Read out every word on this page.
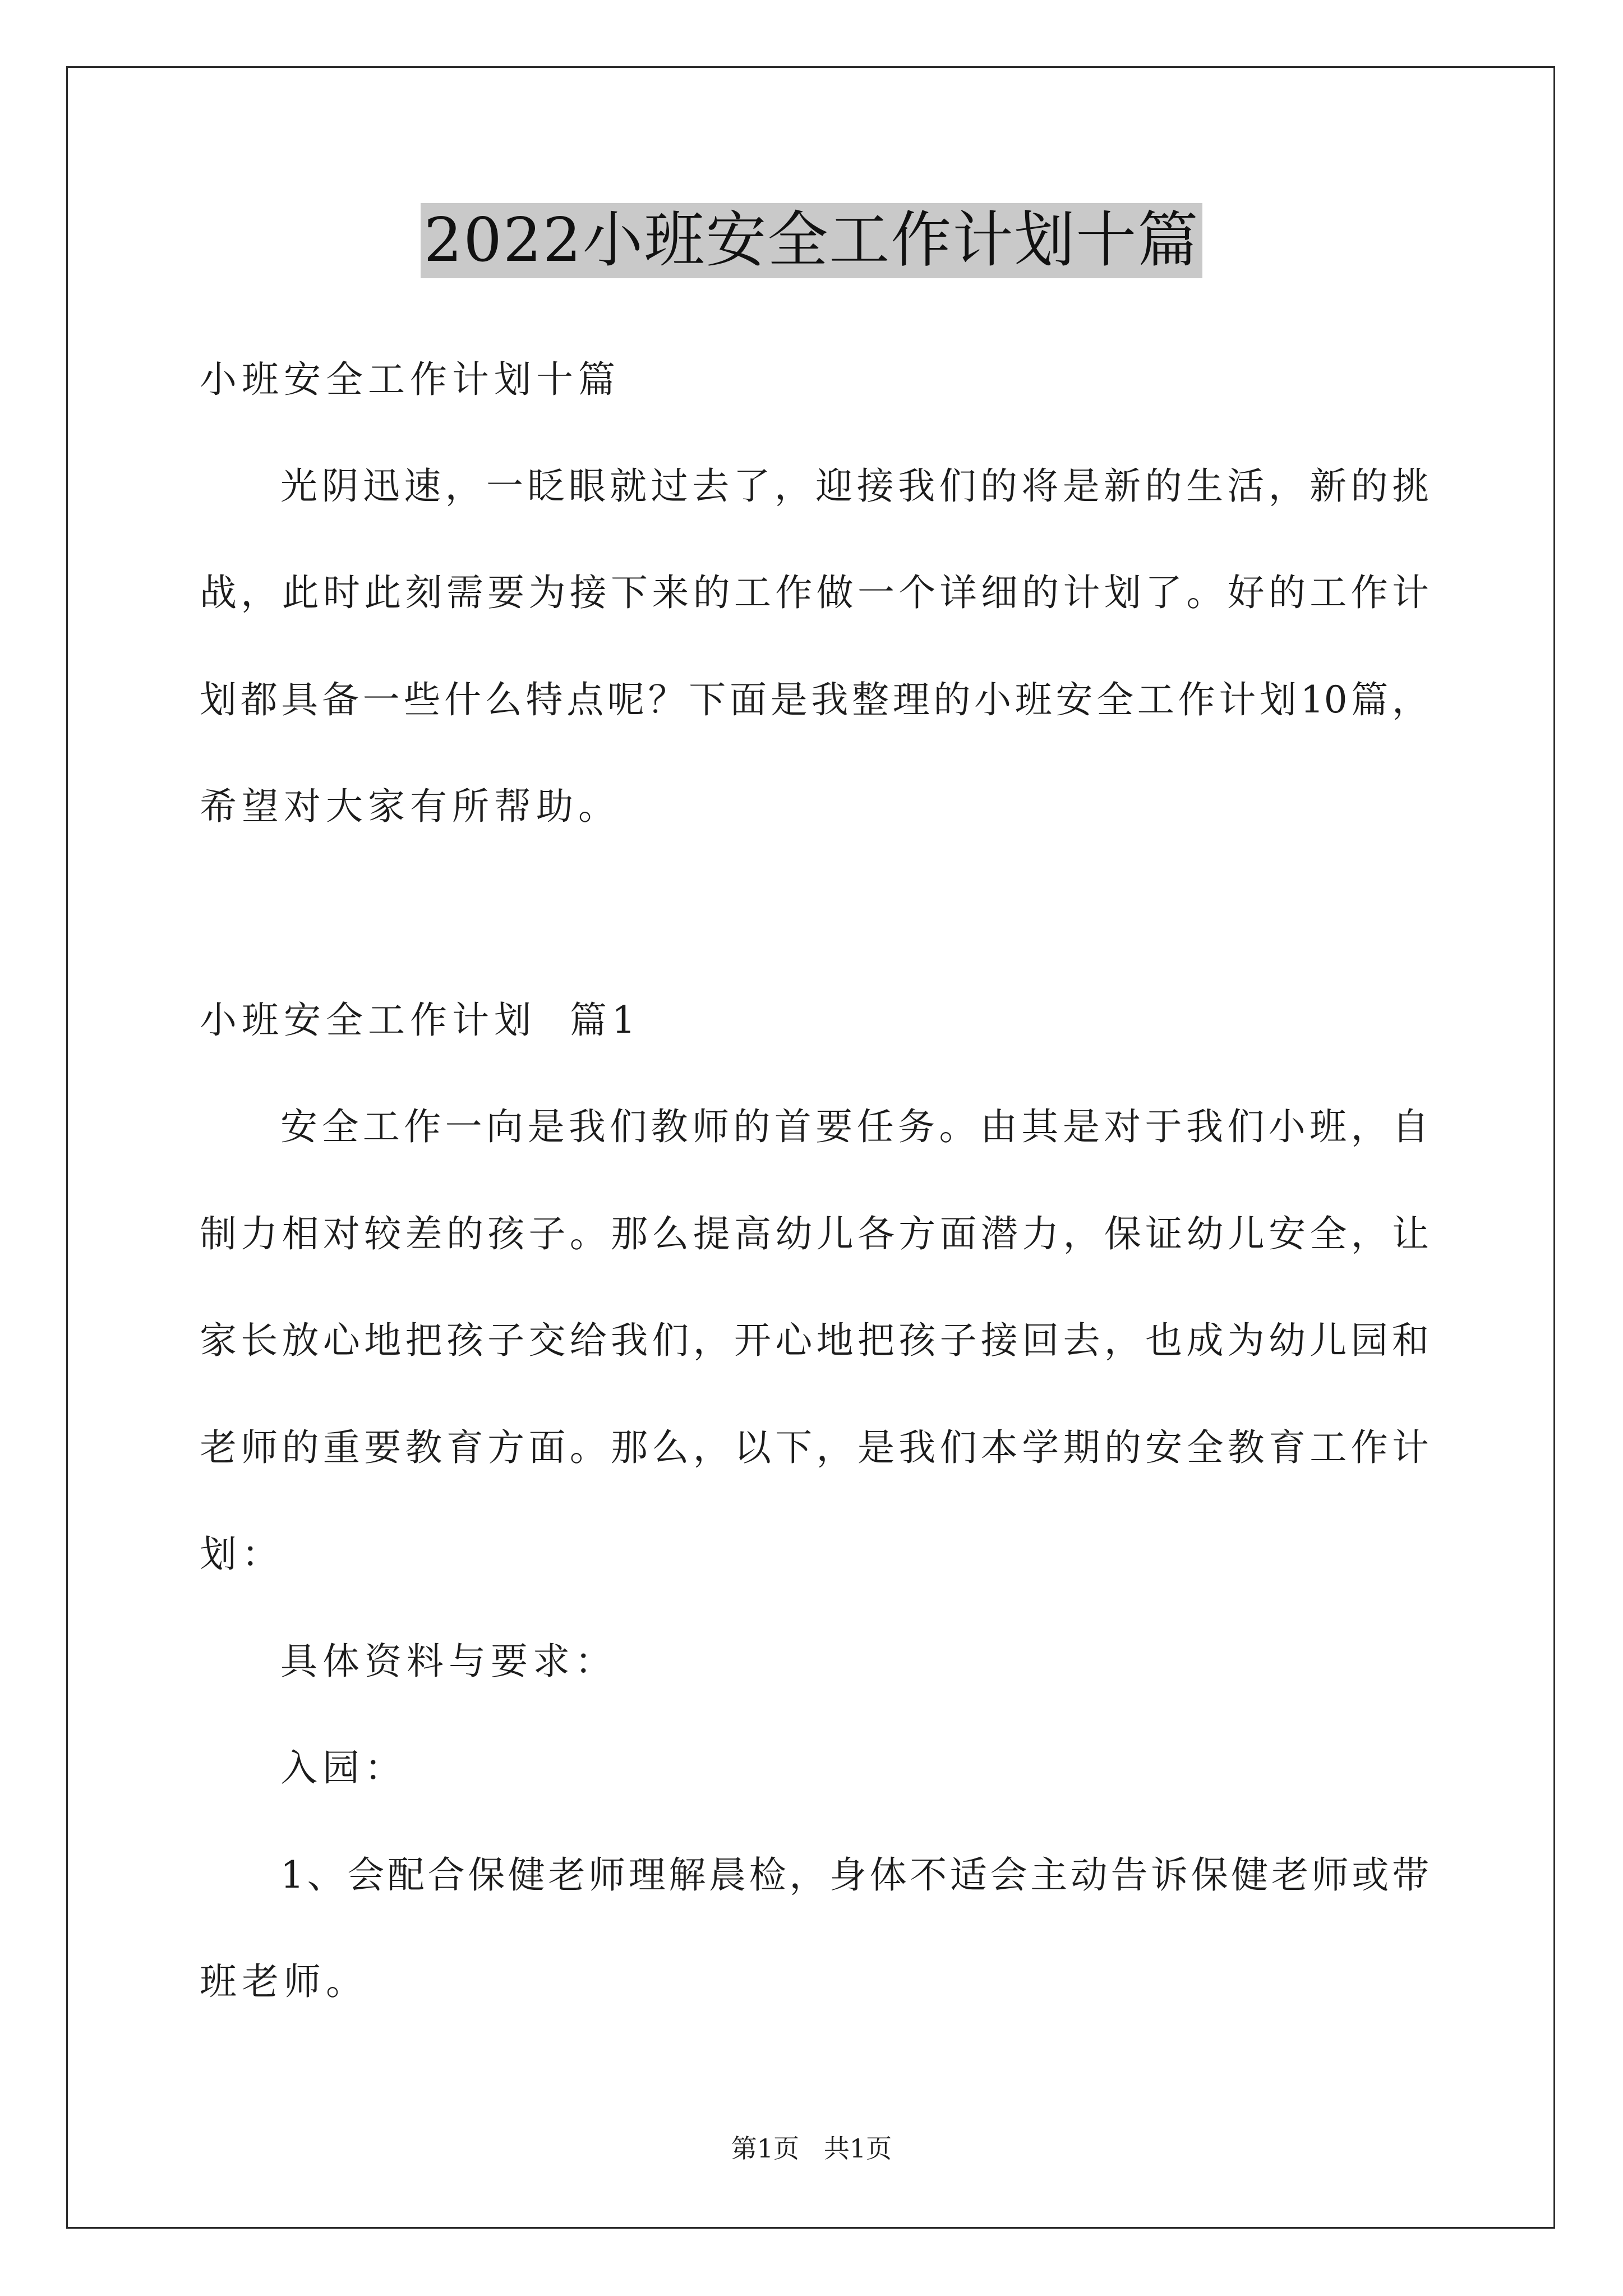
2022小班安全工作计划十篇
小班安全工作计划十篇
光阴迅速，一眨眼就过去了，迎接我们的将是新的生活，新的挑
战，此时此刻需要为接下来的工作做一个详细的计划了。好的工作计
划都具备一些什么特点呢？下面是我整理的小班安全工作计划10篇，
希望对大家有所帮助。
小班安全工作计划  篇1
安全工作一向是我们教师的首要任务。由其是对于我们小班，自
制力相对较差的孩子。那么提高幼儿各方面潜力，保证幼儿安全，让
家长放心地把孩子交给我们，开心地把孩子接回去，也成为幼儿园和
老师的重要教育方面。那么，以下，是我们本学期的安全教育工作计
划：
具体资料与要求：
入园：
1、会配合保健老师理解晨检，身体不适会主动告诉保健老师或带
班老师。
第1页   共1页
